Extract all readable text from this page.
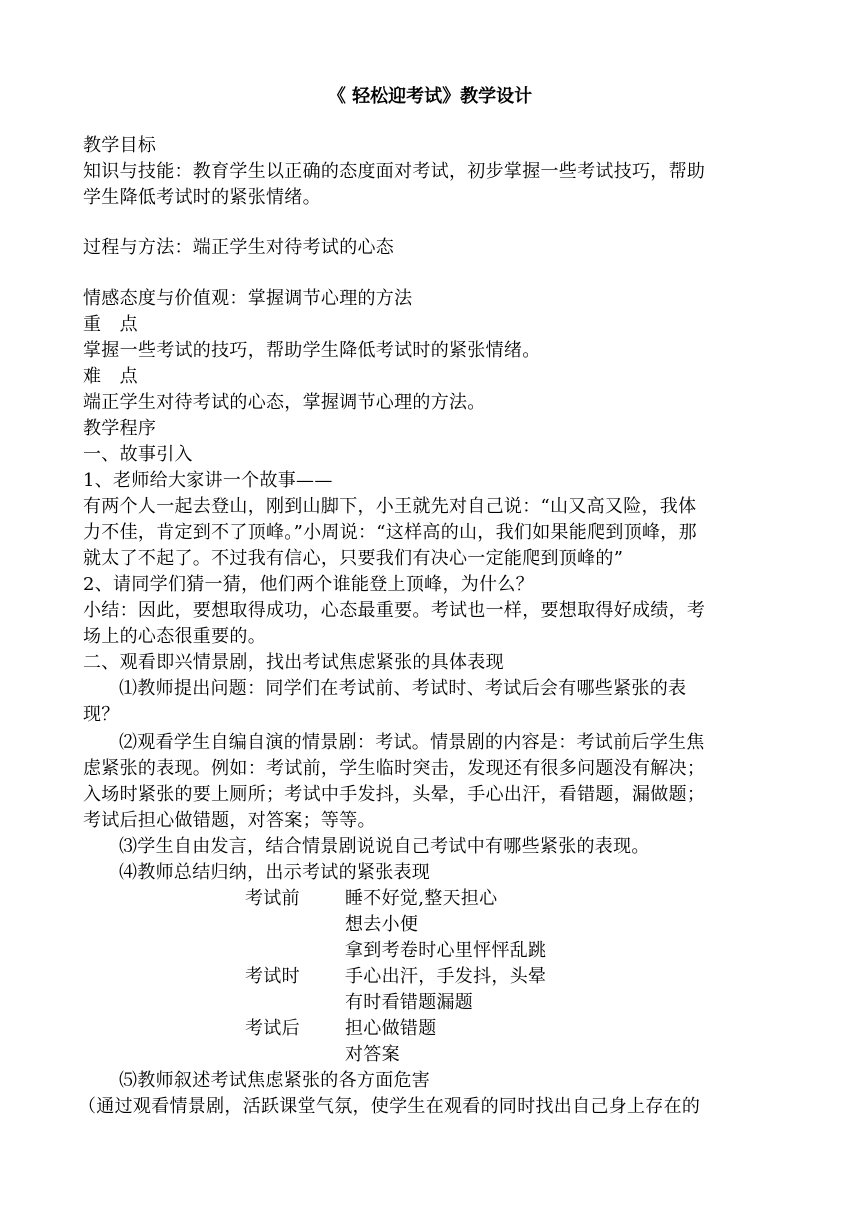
《 轻松迎考试》教学设计
教学目标
知识与技能：教育学生以正确的态度面对考试，初步掌握一些考试技巧，帮助
学生降低考试时的紧张情绪。
过程与方法：端正学生对待考试的心态
情感态度与价值观：掌握调节心理的方法
重　点
掌握一些考试的技巧，帮助学生降低考试时的紧张情绪。
难　点
端正学生对待考试的心态，掌握调节心理的方法。
教学程序
一、故事引入
1、老师给大家讲一个故事——
有两个人一起去登山，刚到山脚下，小王就先对自己说：“山又高又险，我体
力不佳，肯定到不了顶峰。”小周说：“这样高的山，我们如果能爬到顶峰，那
就太了不起了。不过我有信心，只要我们有决心一定能爬到顶峰的”
2、请同学们猜一猜，他们两个谁能登上顶峰，为什么？
小结：因此，要想取得成功，心态最重要。考试也一样，要想取得好成绩，考
场上的心态很重要的。
二、观看即兴情景剧，找出考试焦虑紧张的具体表现
⑴教师提出问题：同学们在考试前、考试时、考试后会有哪些紧张的表
现？
⑵观看学生自编自演的情景剧：考试。情景剧的内容是：考试前后学生焦
虑紧张的表现。例如：考试前，学生临时突击，发现还有很多问题没有解决；
入场时紧张的要上厕所；考试中手发抖，头晕，手心出汗，看错题，漏做题；
考试后担心做错题，对答案；等等。
⑶学生自由发言，结合情景剧说说自己考试中有哪些紧张的表现。
⑷教师总结归纳，出示考试的紧张表现
考试前	睡不好觉,整天担心
想去小便
拿到考卷时心里怦怦乱跳
考试时	手心出汗，手发抖，头晕
有时看错题漏题
考试后	担心做错题
对答案
⑸教师叙述考试焦虑紧张的各方面危害
（通过观看情景剧，活跃课堂气氛，使学生在观看的同时找出自己身上存在的
